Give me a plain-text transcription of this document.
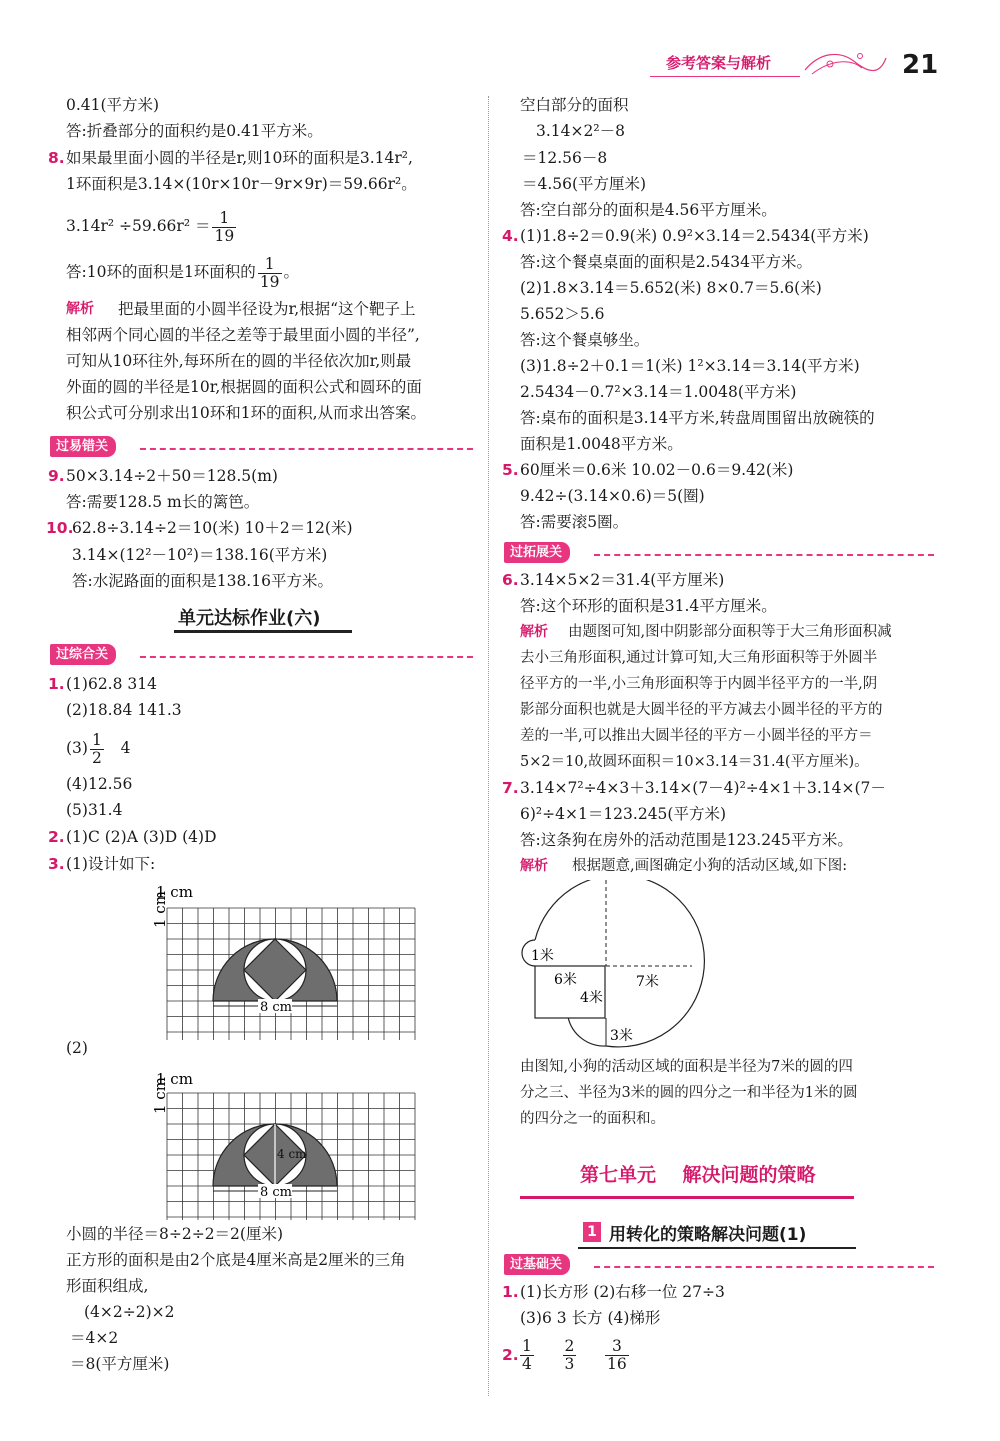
参考答案与解析	21
0.41(平方米)
答:折叠部分的面积约是0.41平方米。
8. 如果最里面小圆的半径是r,则10环的面积是3.14r²,
1环面积是3.14×(10r×10r－9r×9r)＝59.66r²。
$3.14r^2 \div 59.66r^2 = \frac{1}{19}$
答:10环的面积是1环面积的 $\frac{1}{19}$ 。
解析 把最里面的小圆半径设为r,根据“这个靶子上
相邻两个同心圆的半径之差等于最里面小圆的半径”,
可知从10环往外,每环所在的圆的半径依次加r,则最
外面的圆的半径是10r,根据圆的面积公式和圆环的面
积公式可分别求出10环和1环的面积,从而求出答案。
过易错关
9. 50×3.14÷2＋50＝128.5(m)
答:需要128.5 m长的篱笆。
10.
62.8÷3.14÷2＝10(米) 10＋2＝12(米)
3.14×(12²－10²)＝138.16(平方米)
答:水泥路面的面积是138.16平方米。
单元达标作业(六)
过综合关
1. (1)62.8 314
(2)18.84 141.3
$(3) \frac{1}{2} 4$
(4)12.56
(5)31.4
2. (1)C (2)A (3)D (4)D
3. (1)设计如下:
1 cm
1 cm
8 cm
(2)
1 cm
1 cm
4 cm
8 cm
小圆的半径＝8÷2÷2＝2(厘米)
正方形的面积是由2个底是4厘米高是2厘米的三角
形面积组成,
(4×2÷2)×2
＝4×2
＝8(平方厘米)
空白部分的面积
3.14×2²－8
＝12.56－8
＝4.56(平方厘米)
答:空白部分的面积是4.56平方厘米。
4. (1)1.8÷2＝0.9(米) 0.9²×3.14＝2.5434(平方米)
答:这个餐桌桌面的面积是2.5434平方米。
(2)1.8×3.14＝5.652(米) 8×0.7＝5.6(米)
5.652＞5.6
答:这个餐桌够坐。
(3)1.8÷2＋0.1＝1(米) 1²×3.14＝3.14(平方米)
2.5434－0.7²×3.14＝1.0048(平方米)
答:桌布的面积是3.14平方米,转盘周围留出放碗筷的
面积是1.0048平方米。
5. 60厘米＝0.6米 10.02－0.6＝9.42(米)
9.42÷(3.14×0.6)＝5(圈)
答:需要滚5圈。
过拓展关
6. 3.14×5×2＝31.4(平方厘米)
答:这个环形的面积是31.4平方厘米。
解析 由题图可知,图中阴影部分面积等于大三角形面积减
去小三角形面积,通过计算可知,大三角形面积等于外圆半
径平方的一半,小三角形面积等于内圆半径平方的一半,阴
影部分面积也就是大圆半径的平方减去小圆半径的平方的
差的一半,可以推出大圆半径的平方－小圆半径的平方＝
5×2＝10,故圆环面积＝10×3.14＝31.4(平方厘米)。
7. 3.14×7²÷4×3＋3.14×(7－4)²÷4×1＋3.14×(7－
6)²÷4×1＝123.245(平方米)
答:这条狗在房外的活动范围是123.245平方米。
解析 根据题意,画图确定小狗的活动区域,如下图:
1米
6米	7米
4米
3米
由图知,小狗的活动区域的面积是半径为7米的圆的四
分之三、半径为3米的圆的四分之一和半径为1米的圆
的四分之一的面积和。
第七单元    解决问题的策略
1 用转化的策略解决问题(1)
过基础关
1. (1)长方形 (2)右移一位 27÷3
(3)6 3 长方 (4)梯形
2. $\frac{1}{4}$
$\frac{2}{3}$
$\frac{3}{16}$
